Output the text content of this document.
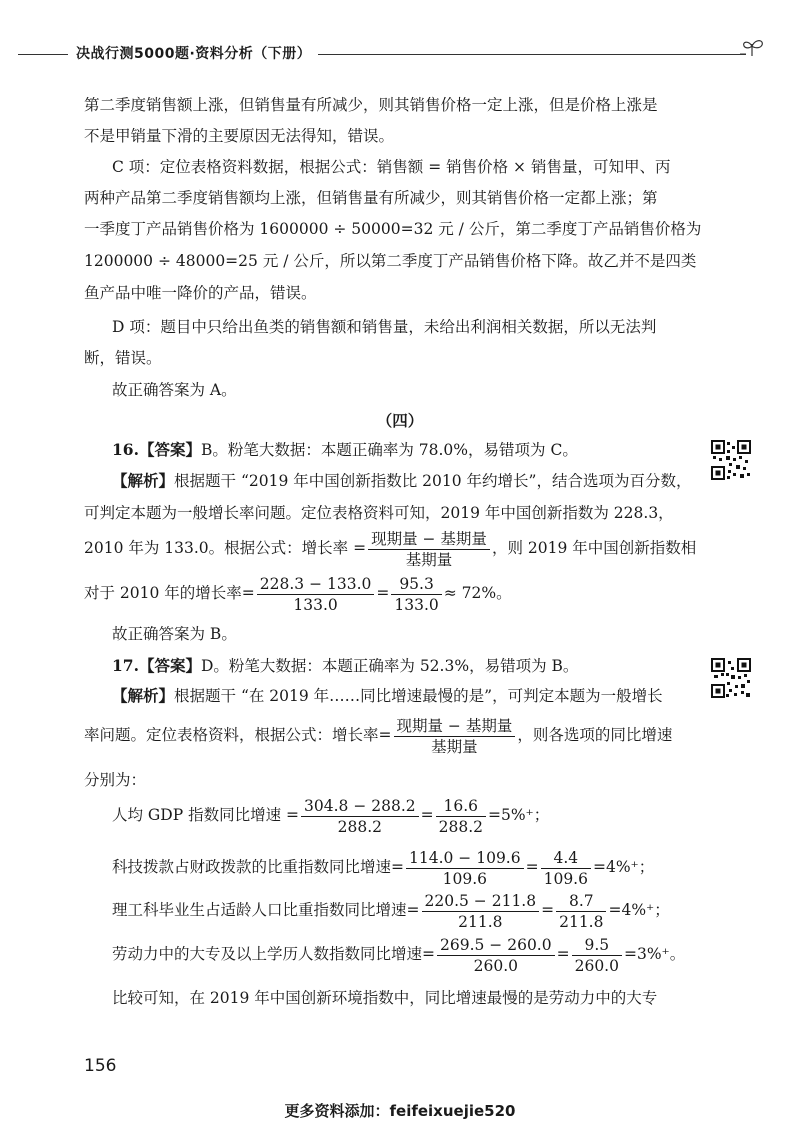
决战行测5000题·资料分析（下册）
第二季度销售额上涨，但销售量有所减少，则其销售价格一定上涨，但是价格上涨是
不是甲销量下滑的主要原因无法得知，错误。
C 项：定位表格资料数据，根据公式：销售额 = 销售价格 × 销售量，可知甲、丙
两种产品第二季度销售额均上涨，但销售量有所减少，则其销售价格一定都上涨；第
一季度丁产品销售价格为 1600000 ÷ 50000=32 元 / 公斤，第二季度丁产品销售价格为
1200000 ÷ 48000=25 元 / 公斤，所以第二季度丁产品销售价格下降。故乙并不是四类
鱼产品中唯一降价的产品，错误。
D 项：题目中只给出鱼类的销售额和销售量，未给出利润相关数据，所以无法判
断，错误。
故正确答案为 A。
（四）
16.【答案】B。粉笔大数据：本题正确率为 78.0%，易错项为 C。
【解析】根据题干 “2019 年中国创新指数比 2010 年约增长”，结合选项为百分数，
可判定本题为一般增长率问题。定位表格资料可知，2019 年中国创新指数为 228.3，
2010 年为 133.0。根据公式：增长率 = $\frac{\text{现期量 − 基期量}}{\text{基期量}}$ ，则 2019 年中国创新指数相
对于 2010 年的增长率= $\frac{228.3 - 133.0}{133.0} = \frac{95.3}{133.0} \approx 72\%$。
故正确答案为 B。
17.【答案】D。粉笔大数据：本题正确率为 52.3%，易错项为 B。
【解析】根据题干 “在 2019 年……同比增速最慢的是”，可判定本题为一般增长
率问题。定位表格资料，根据公式：增长率= $\frac{\text{现期量 − 基期量}}{\text{基期量}}$ ，则各选项的同比增速
分别为：
人均 GDP 指数同比增速 = $\frac{304.8 - 288.2}{288.2} = \frac{16.6}{288.2} =5\%^+$；
科技拨款占财政拨款的比重指数同比增速= $\frac{114.0 - 109.6}{109.6} = \frac{4.4}{109.6} =4\%^+$；
理工科毕业生占适龄人口比重指数同比增速= $\frac{220.5 - 211.8}{211.8} = \frac{8.7}{211.8} =4\%^+$；
劳动力中的大专及以上学历人数指数同比增速= $\frac{269.5 - 260.0}{260.0} = \frac{9.5}{260.0} =3\%^+$。
比较可知，在 2019 年中国创新环境指数中，同比增速最慢的是劳动力中的大专
156
更多资料添加：feifeixuejie520
